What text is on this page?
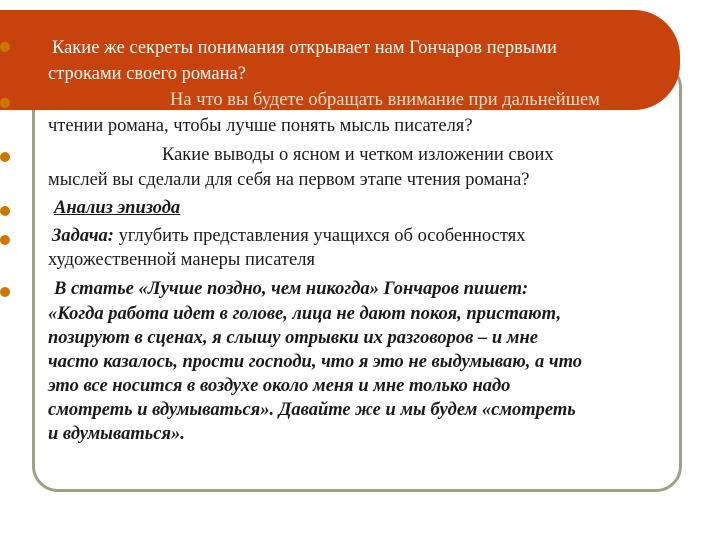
Какие же секреты понимания открывает нам Гончаров первыми
строками своего романа?
На что вы будете обращать внимание при дальнейшем
чтении романа, чтобы лучше понять мысль писателя?
Какие выводы о ясном и четком изложении своих
мыслей вы сделали для себя на первом этапе чтения романа?
Анализ эпизода
Задача: углубить представления учащихся об особенностях
художественной манеры писателя
В статье «Лучше поздно, чем никогда» Гончаров пишет:
«Когда работа идет в голове, лица не дают покоя, пристают,
позируют в сценах, я слышу отрывки их разговоров – и мне
часто казалось, прости господи, что я это не выдумываю, а что
это все носится в воздухе около меня и мне только надо
смотреть и вдумываться». Давайте же и мы будем «смотреть
и вдумываться».
